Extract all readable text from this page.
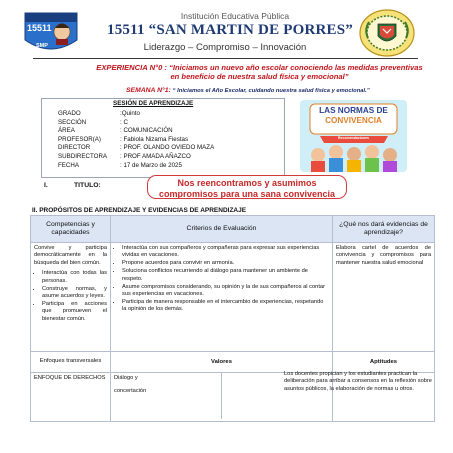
15511
SMP
Institución Educativa Pública
15511 “SAN MARTIN DE PORRES”
Liderazgo – Compromiso – Innovación
EXPERIENCIA N°0 : “Iniciamos un nuevo año escolar conociendo las medidas preventivas en beneficio de nuestra salud física y emocional”
SEMANA N°1: “ Iniciamos el Año Escolar, cuidando nuestra salud física y emocional.”
SESIÓN DE APRENDIZAJE
GRADO	:Quinto
SECCIÓN	: C
ÁREA	: COMUNICACIÓN
PROFESOR(A)	: Fabiola Nizama Fiestas
DIRECTOR	: PROF. OLANDO OVIEDO MAZA
SUBDIRECTORA : PROF AMADA AÑAZCO
FECHA	: 17 de Marzo de 2025
LAS NORMAS DE
CONVIVENCIA
Recomendaciones
I.	TITULO:	Nos reencontramos y asumimos compromisos para una sana convivencia
II. PROPÓSITOS DE APRENDIZAJE Y EVIDENCIAS DE APRENDIZAJE
Competencias y capacidades	
Criterios de Evaluación
	¿Qué nos dará evidencias de aprendizaje?

Convive y participa democráticamente en la búsqueda del bien común.
• Interactúa con todas las personas.
• Construye normas, y asume acuerdos y leyes.
• Participa en acciones que promueven el bienestar común.

• Interactúa con sus compañeros y compañeras para expresar sus experiencias vividas en vacaciones.
• Propone acuerdos para convivir en armonía.
• Soluciona conflictos recurriendo al diálogo para mantener un ambiente de respeto.
• Asume compromisos considerando, su opinión y la de sus compañeros al contar sus experiencias en vacaciones.
• Participa de manera responsable en el intercambio de experiencias, respetando la opinión de los demás.
	Elabora cartel de acuerdos de convivencia y compromisos para mantener nuestra salud emocional
Enfoques transversales	Valores	Aptitudes
ENFOQUE DE DERECHOS	Diálogo y
concertación

Los docentes propician y los estudiantes practican la deliberación para arribar a consensos en la reflexión sobre asuntos públicos, la elaboración de normas u otros.
